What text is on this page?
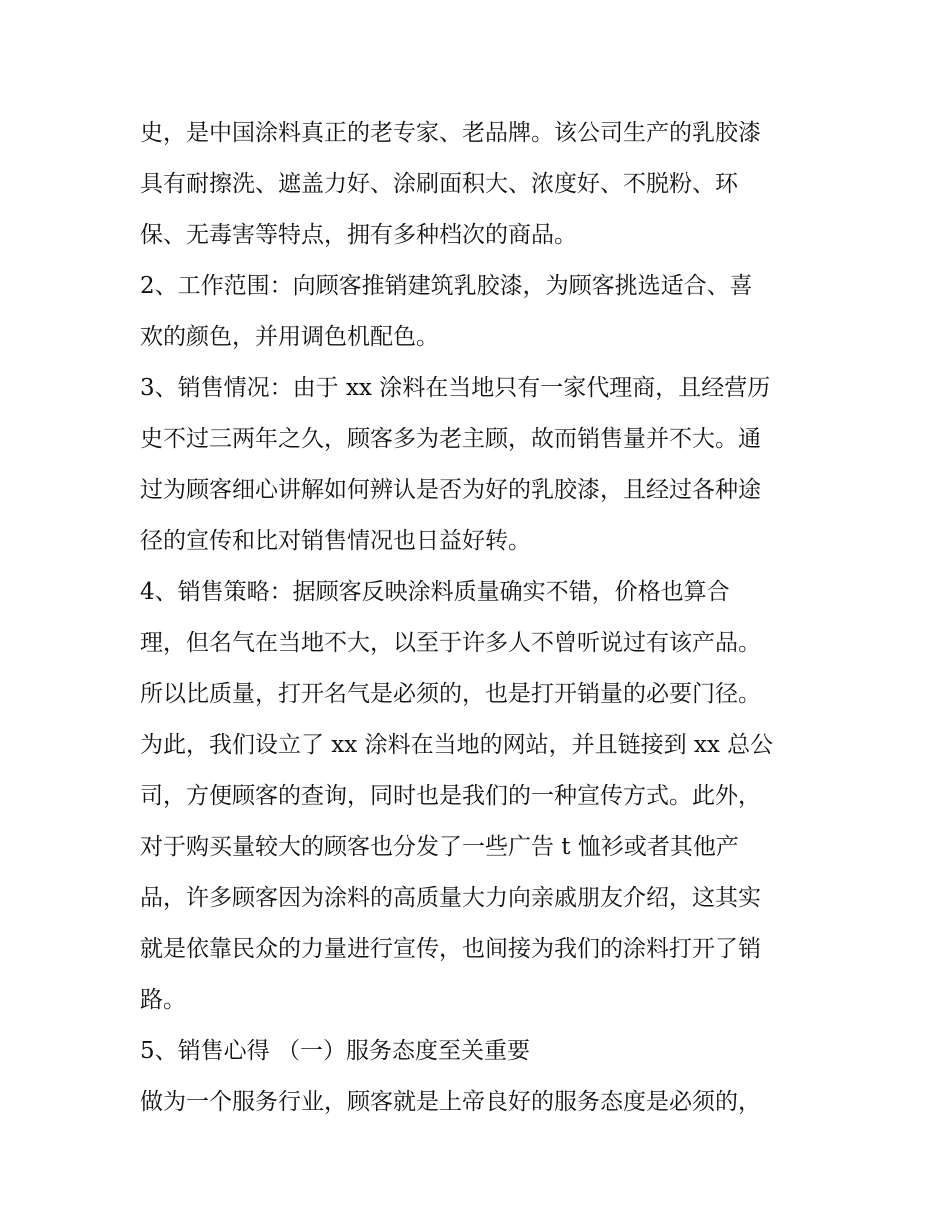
史，是中国涂料真正的老专家、老品牌。该公司生产的乳胶漆
具有耐擦洗、遮盖力好、涂刷面积大、浓度好、不脱粉、环
保、无毒害等特点，拥有多种档次的商品。
2、工作范围：向顾客推销建筑乳胶漆，为顾客挑选适合、喜
欢的颜色，并用调色机配色。
3、销售情况：由于 xx 涂料在当地只有一家代理商，且经营历
史不过三两年之久，顾客多为老主顾，故而销售量并不大。通
过为顾客细心讲解如何辨认是否为好的乳胶漆，且经过各种途
径的宣传和比对销售情况也日益好转。
4、销售策略：据顾客反映涂料质量确实不错，价格也算合
理，但名气在当地不大，以至于许多人不曾听说过有该产品。
所以比质量，打开名气是必须的，也是打开销量的必要门径。
为此，我们设立了 xx 涂料在当地的网站，并且链接到 xx 总公
司，方便顾客的查询，同时也是我们的一种宣传方式。此外，
对于购买量较大的顾客也分发了一些广告 t 恤衫或者其他产
品，许多顾客因为涂料的高质量大力向亲戚朋友介绍，这其实
就是依靠民众的力量进行宣传，也间接为我们的涂料打开了销
路。
5、销售心得 （一）服务态度至关重要
做为一个服务行业，顾客就是上帝良好的服务态度是必须的，
